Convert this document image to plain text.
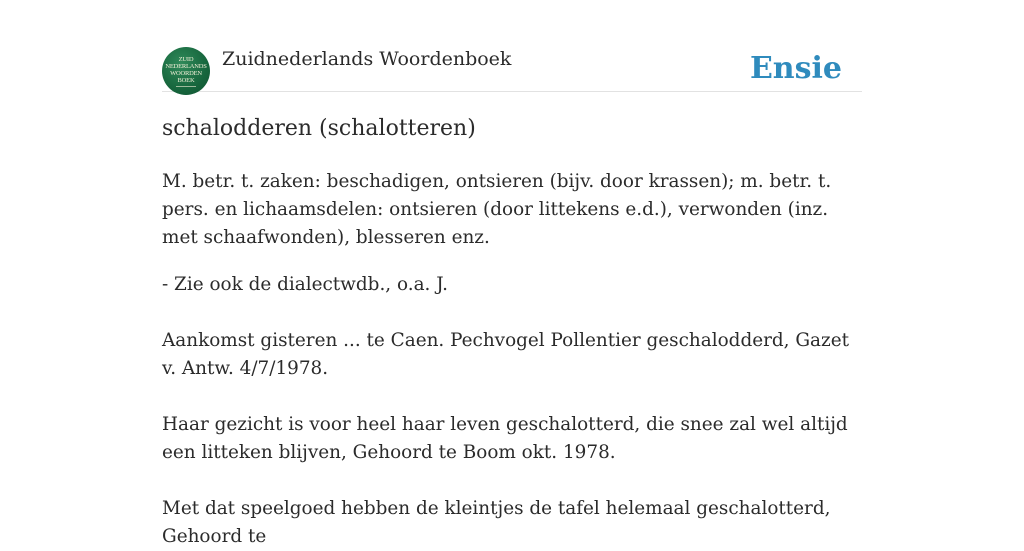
ZUID
NEDERLANDS
WOORDEN
BOEK
Zuidnederlands Woordenboek	Ensie
schalodderen (schalotteren)

M. betr. t. zaken: beschadigen, ontsieren (bijv. door krassen); m. betr. t. pers. en lichaamsdelen: ontsieren (door littekens e.d.), verwonden (inz. met schaafwonden), blesseren enz.

- Zie ook de dialectwdb., o.a. J.

Aankomst gisteren ... te Caen. Pechvogel Pollentier geschalodderd, Gazet v. Antw. 4/7/1978.

Haar gezicht is voor heel haar leven geschalotterd, die snee zal wel altijd een litteken blijven, Gehoord te Boom okt. 1978.

Met dat speelgoed hebben de kleintjes de tafel helemaal geschalotterd, Gehoord te
